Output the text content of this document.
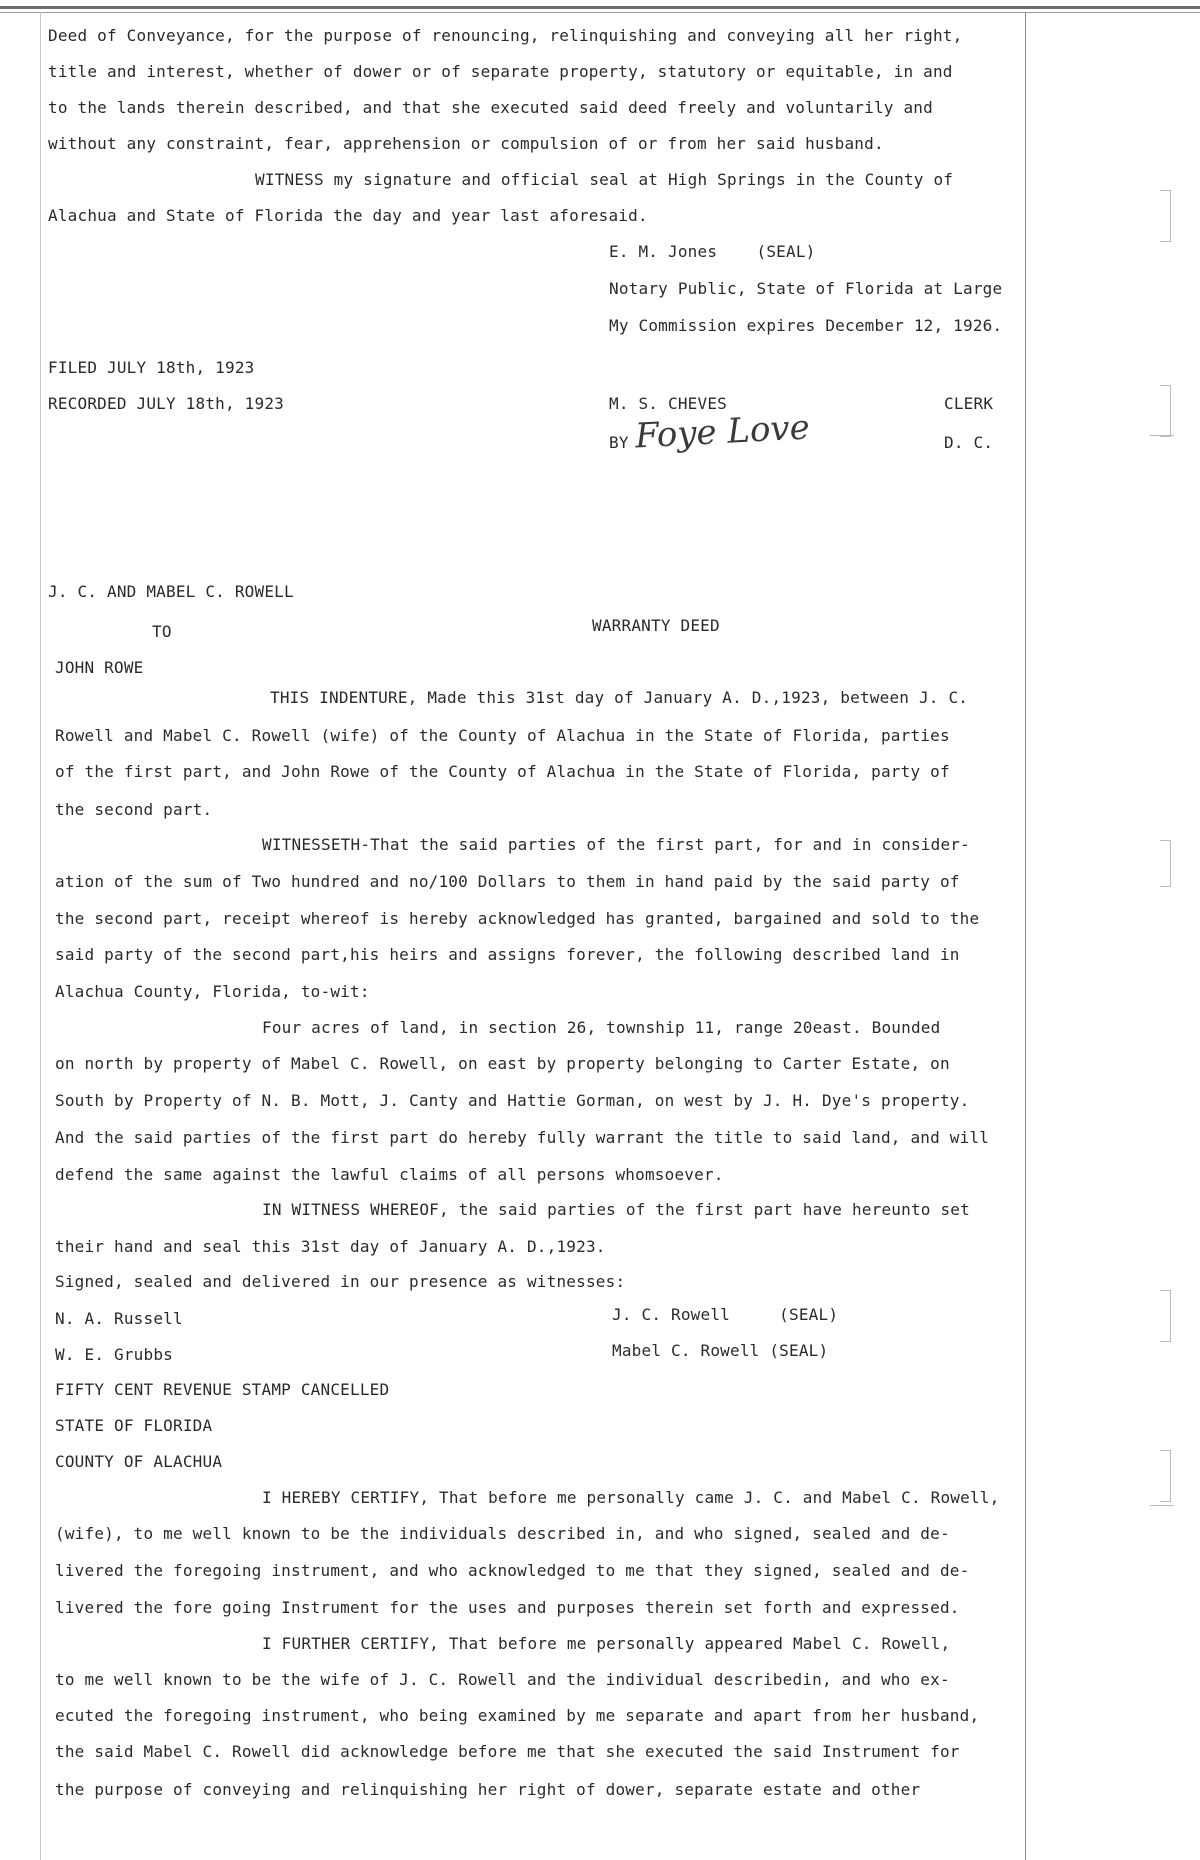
Deed of Conveyance, for the purpose of renouncing, relinquishing and conveying all her right,
title and interest, whether of dower or of separate property, statutory or equitable, in and
to the lands therein described, and that she executed said deed freely and voluntarily and
without any constraint, fear, apprehension or compulsion of or from her said husband.
WITNESS my signature and official seal at High Springs in the County of
Alachua and State of Florida the day and year last aforesaid.
E. M. Jones    (SEAL)
Notary Public, State of Florida at Large
My Commission expires December 12, 1926.
FILED JULY 18th, 1923
RECORDED JULY 18th, 1923	M. S. CHEVES	CLERK
BY Foye Love	D. C.
J. C. AND MABEL C. ROWELL
TO	WARRANTY DEED
JOHN ROWE
THIS INDENTURE, Made this 31st day of January A. D.,1923, between J. C.
Rowell and Mabel C. Rowell (wife) of the County of Alachua in the State of Florida, parties
of the first part, and John Rowe of the County of Alachua in the State of Florida, party of
the second part.
WITNESSETH-That the said parties of the first part, for and in consider-
ation of the sum of Two hundred and no/100 Dollars to them in hand paid by the said party of
the second part, receipt whereof is hereby acknowledged has granted, bargained and sold to the
said party of the second part,his heirs and assigns forever, the following described land in
Alachua County, Florida, to-wit:
Four acres of land, in section 26, township 11, range 20east. Bounded
on north by property of Mabel C. Rowell, on east by property belonging to Carter Estate, on
South by Property of N. B. Mott, J. Canty and Hattie Gorman, on west by J. H. Dye's property.
And the said parties of the first part do hereby fully warrant the title to said land, and will
defend the same against the lawful claims of all persons whomsoever.
IN WITNESS WHEREOF, the said parties of the first part have hereunto set
their hand and seal this 31st day of January A. D.,1923.
Signed, sealed and delivered in our presence as witnesses:
N. A. Russell	J. C. Rowell     (SEAL)
W. E. Grubbs	Mabel C. Rowell (SEAL)
FIFTY CENT REVENUE STAMP CANCELLED
STATE OF FLORIDA
COUNTY OF ALACHUA
I HEREBY CERTIFY, That before me personally came J. C. and Mabel C. Rowell,
(wife), to me well known to be the individuals described in, and who signed, sealed and de-
livered the foregoing instrument, and who acknowledged to me that they signed, sealed and de-
livered the fore going Instrument for the uses and purposes therein set forth and expressed.
I FURTHER CERTIFY, That before me personally appeared Mabel C. Rowell,
to me well known to be the wife of J. C. Rowell and the individual describedin, and who ex-
ecuted the foregoing instrument, who being examined by me separate and apart from her husband,
the said Mabel C. Rowell did acknowledge before me that she executed the said Instrument for
the purpose of conveying and relinquishing her right of dower, separate estate and other
